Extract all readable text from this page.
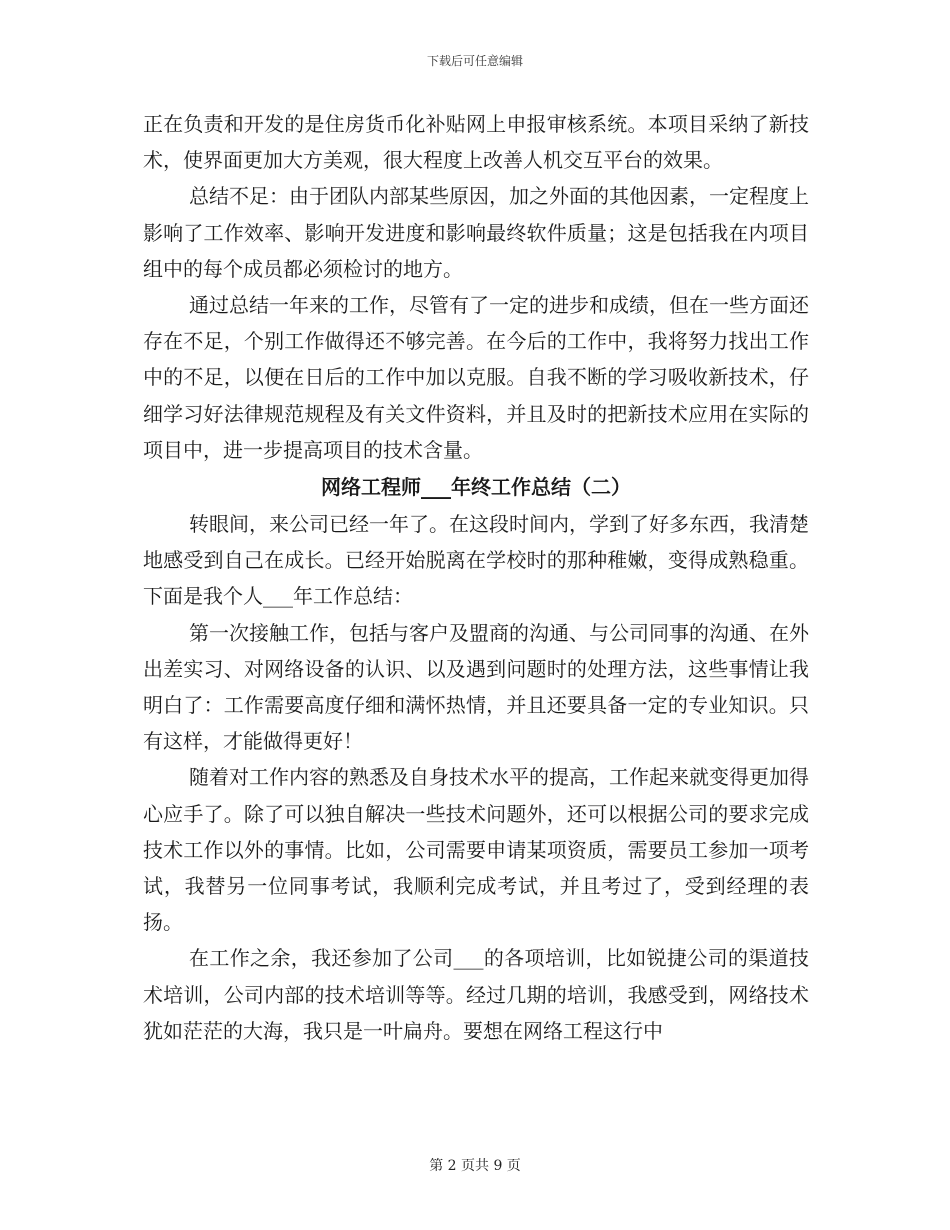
下载后可任意编辑

正在负责和开发的是住房货币化补贴网上申报审核系统。本项目采纳了新技术，使界面更加大方美观，很大程度上改善人机交互平台的效果。

总结不足：由于团队内部某些原因，加之外面的其他因素，一定程度上影响了工作效率、影响开发进度和影响最终软件质量；这是包括我在内项目组中的每个成员都必须检讨的地方。

通过总结一年来的工作，尽管有了一定的进步和成绩，但在一些方面还存在不足，个别工作做得还不够完善。在今后的工作中，我将努力找出工作中的不足，以便在日后的工作中加以克服。自我不断的学习吸收新技术，仔细学习好法律规范规程及有关文件资料，并且及时的把新技术应用在实际的项目中，进一步提高项目的技术含量。

网络工程师___年终工作总结（二）

转眼间，来公司已经一年了。在这段时间内，学到了好多东西，我清楚地感受到自己在成长。已经开始脱离在学校时的那种稚嫩，变得成熟稳重。下面是我个人___年工作总结：

第一次接触工作，包括与客户及盟商的沟通、与公司同事的沟通、在外出差实习、对网络设备的认识、以及遇到问题时的处理方法，这些事情让我明白了：工作需要高度仔细和满怀热情，并且还要具备一定的专业知识。只有这样，才能做得更好！

随着对工作内容的熟悉及自身技术水平的提高，工作起来就变得更加得心应手了。除了可以独自解决一些技术问题外，还可以根据公司的要求完成技术工作以外的事情。比如，公司需要申请某项资质，需要员工参加一项考试，我替另一位同事考试，我顺利完成考试，并且考过了，受到经理的表扬。

在工作之余，我还参加了公司___的各项培训，比如锐捷公司的渠道技术培训，公司内部的技术培训等等。经过几期的培训，我感受到，网络技术犹如茫茫的大海，我只是一叶扁舟。要想在网络工程这行中

第 2 页共 9 页
